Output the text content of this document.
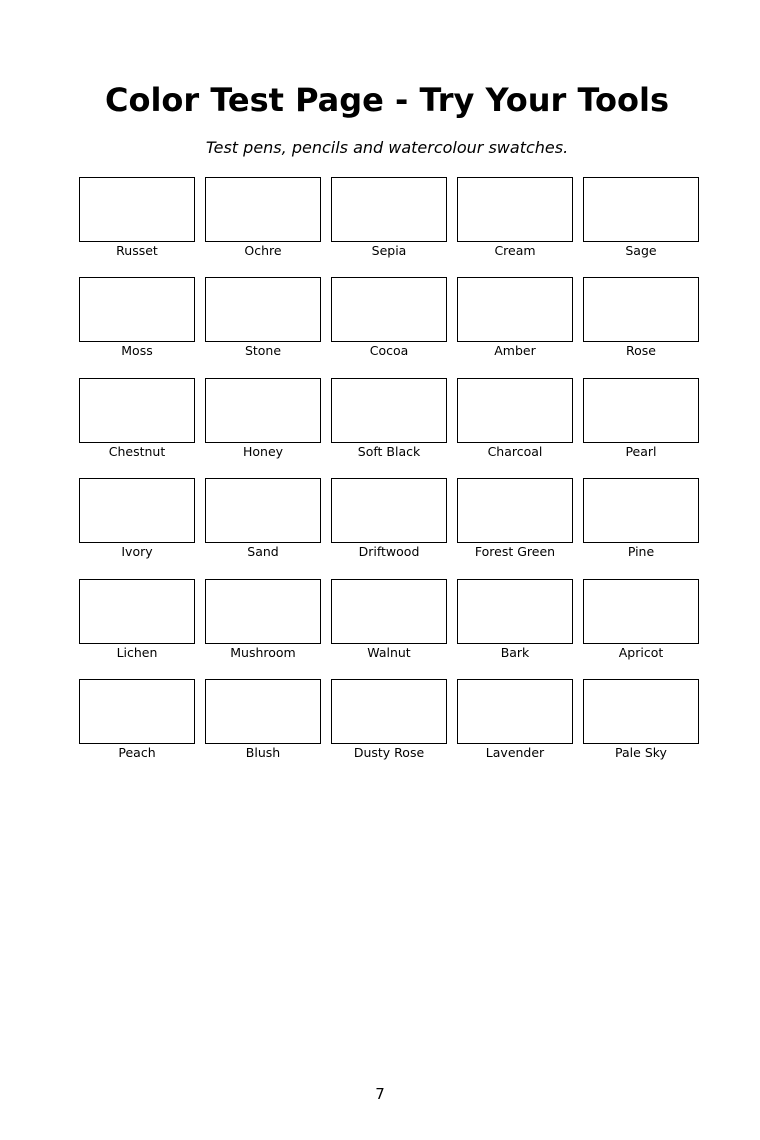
Color Test Page - Try Your Tools

Test pens, pencils and watercolour swatches.

Russet	Ochre	Sepia	Cream	Sage
Moss	Stone	Cocoa	Amber	Rose
Chestnut	Honey	Soft Black	Charcoal	Pearl
Ivory	Sand	Driftwood	Forest Green	Pine
Lichen	Mushroom	Walnut	Bark	Apricot
Peach	Blush	Dusty Rose	Lavender	Pale Sky
7
